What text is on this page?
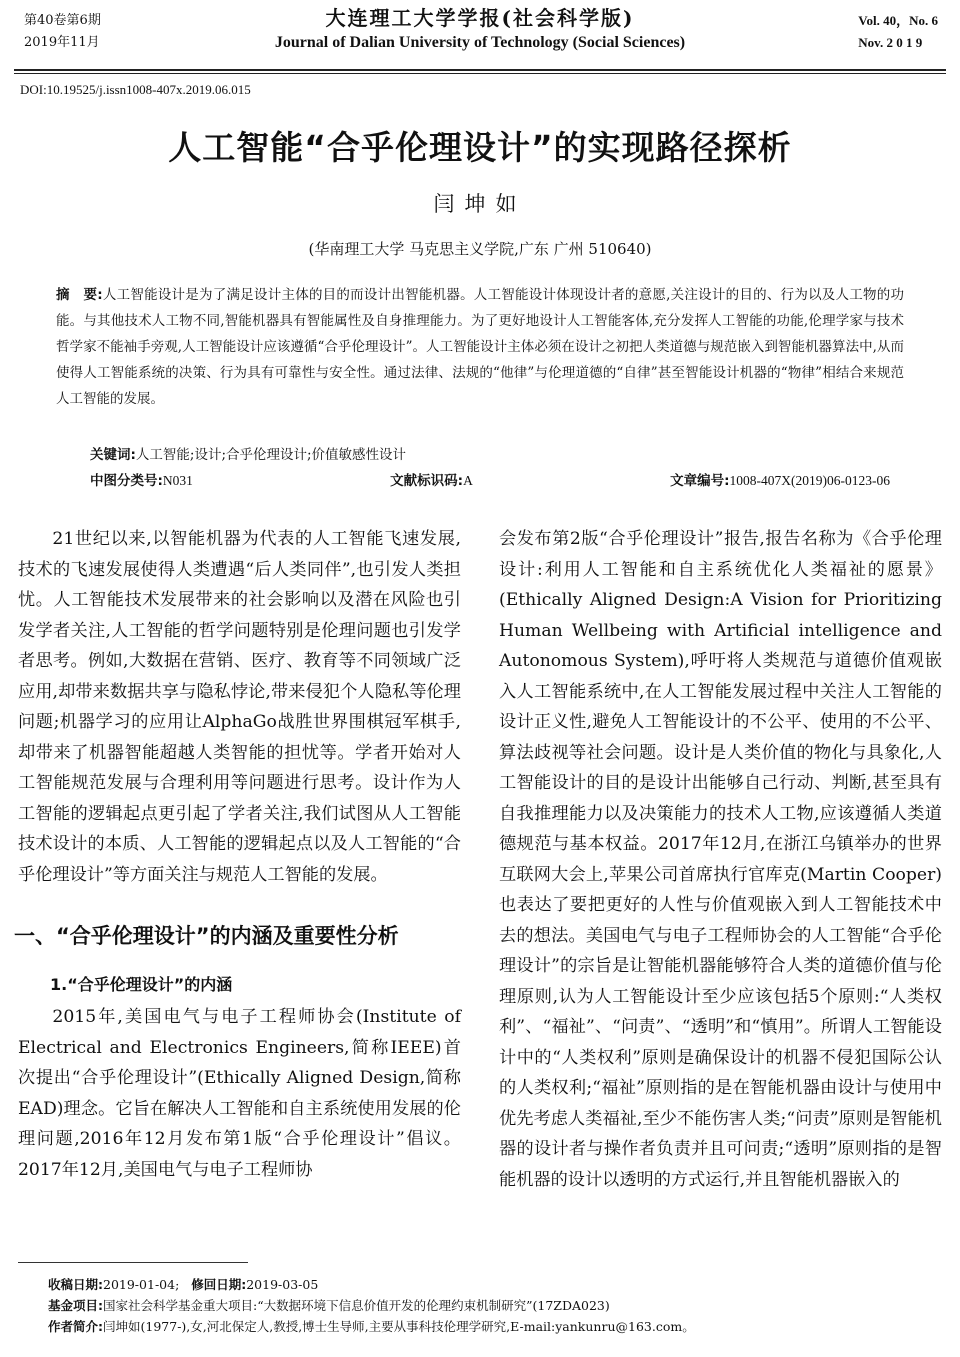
第40卷第6期
2019年11月
大连理工大学学报(社会科学版)
Journal of Dalian University of Technology (Social Sciences)
Vol. 40，No. 6
Nov. 2 0 1 9
DOI:10.19525/j.issn1008-407x.2019.06.015
人工智能“合乎伦理设计”的实现路径探析
闫坤如
(华南理工大学 马克思主义学院,广东 广州 510640)
摘　要:人工智能设计是为了满足设计主体的目的而设计出智能机器。人工智能设计体现设计者的意愿,关注设计的目的、行为以及人工物的功能。与其他技术人工物不同,智能机器具有智能属性及自身推理能力。为了更好地设计人工智能客体,充分发挥人工智能的功能,伦理学家与技术哲学家不能袖手旁观,人工智能设计应该遵循“合乎伦理设计”。人工智能设计主体必须在设计之初把人类道德与规范嵌入到智能机器算法中,从而使得人工智能系统的决策、行为具有可靠性与安全性。通过法律、法规的“他律”与伦理道德的“自律”甚至智能设计机器的“物律”相结合来规范人工智能的发展。
关键词:人工智能;设计;合乎伦理设计;价值敏感性设计
中图分类号:N031	文献标识码:A	文章编号:1008-407X(2019)06-0123-06

21世纪以来,以智能机器为代表的人工智能飞速发展,技术的飞速发展使得人类遭遇“后人类同伴”,也引发人类担忧。人工智能技术发展带来的社会影响以及潜在风险也引发学者关注,人工智能的哲学问题特别是伦理问题也引发学者思考。例如,大数据在营销、医疗、教育等不同领域广泛应用,却带来数据共享与隐私悖论,带来侵犯个人隐私等伦理问题;机器学习的应用让AlphaGo战胜世界围棋冠军棋手,却带来了机器智能超越人类智能的担忧等。学者开始对人工智能规范发展与合理利用等问题进行思考。设计作为人工智能的逻辑起点更引起了学者关注,我们试图从人工智能技术设计的本质、人工智能的逻辑起点以及人工智能的“合乎伦理设计”等方面关注与规范人工智能的发展。

一、“合乎伦理设计”的内涵及重要性分析
1.“合乎伦理设计”的内涵

2015年,美国电气与电子工程师协会(Institute of Electrical and Electronics Engineers,简称IEEE)首次提出“合乎伦理设计”(Ethically Aligned Design,简称EAD)理念。它旨在解决人工智能和自主系统使用发展的伦理问题,2016年12月发布第1版“合乎伦理设计”倡议。2017年12月,美国电气与电子工程师协

会发布第2版“合乎伦理设计”报告,报告名称为《合乎伦理设计:利用人工智能和自主系统优化人类福祉的愿景》(Ethically Aligned Design:A Vision for Prioritizing Human Wellbeing with Artificial intelligence and Autonomous System),呼吁将人类规范与道德价值观嵌入人工智能系统中,在人工智能发展过程中关注人工智能的设计正义性,避免人工智能设计的不公平、使用的不公平、算法歧视等社会问题。设计是人类价值的物化与具象化,人工智能设计的目的是设计出能够自己行动、判断,甚至具有自我推理能力以及决策能力的技术人工物,应该遵循人类道德规范与基本权益。2017年12月,在浙江乌镇举办的世界互联网大会上,苹果公司首席执行官库克(Martin Cooper)也表达了要把更好的人性与价值观嵌入到人工智能技术中去的想法。美国电气与电子工程师协会的人工智能“合乎伦理设计”的宗旨是让智能机器能够符合人类的道德价值与伦理原则,认为人工智能设计至少应该包括5个原则:“人类权利”、“福祉”、“问责”、“透明”和“慎用”。所谓人工智能设计中的“人类权利”原则是确保设计的机器不侵犯国际公认的人类权利;“福祉”原则指的是在智能机器由设计与使用中优先考虑人类福祉,至少不能伤害人类;“问责”原则是智能机器的设计者与操作者负责并且可问责;“透明”原则指的是智能机器的设计以透明的方式运行,并且智能机器嵌入的

收稿日期:2019-01-04; 修回日期:2019-03-05
基金项目:国家社会科学基金重大项目:“大数据环境下信息价值开发的伦理约束机制研究”(17ZDA023)
作者简介:闫坤如(1977-),女,河北保定人,教授,博士生导师,主要从事科技伦理学研究,E-mail:yankunru@163.com。
